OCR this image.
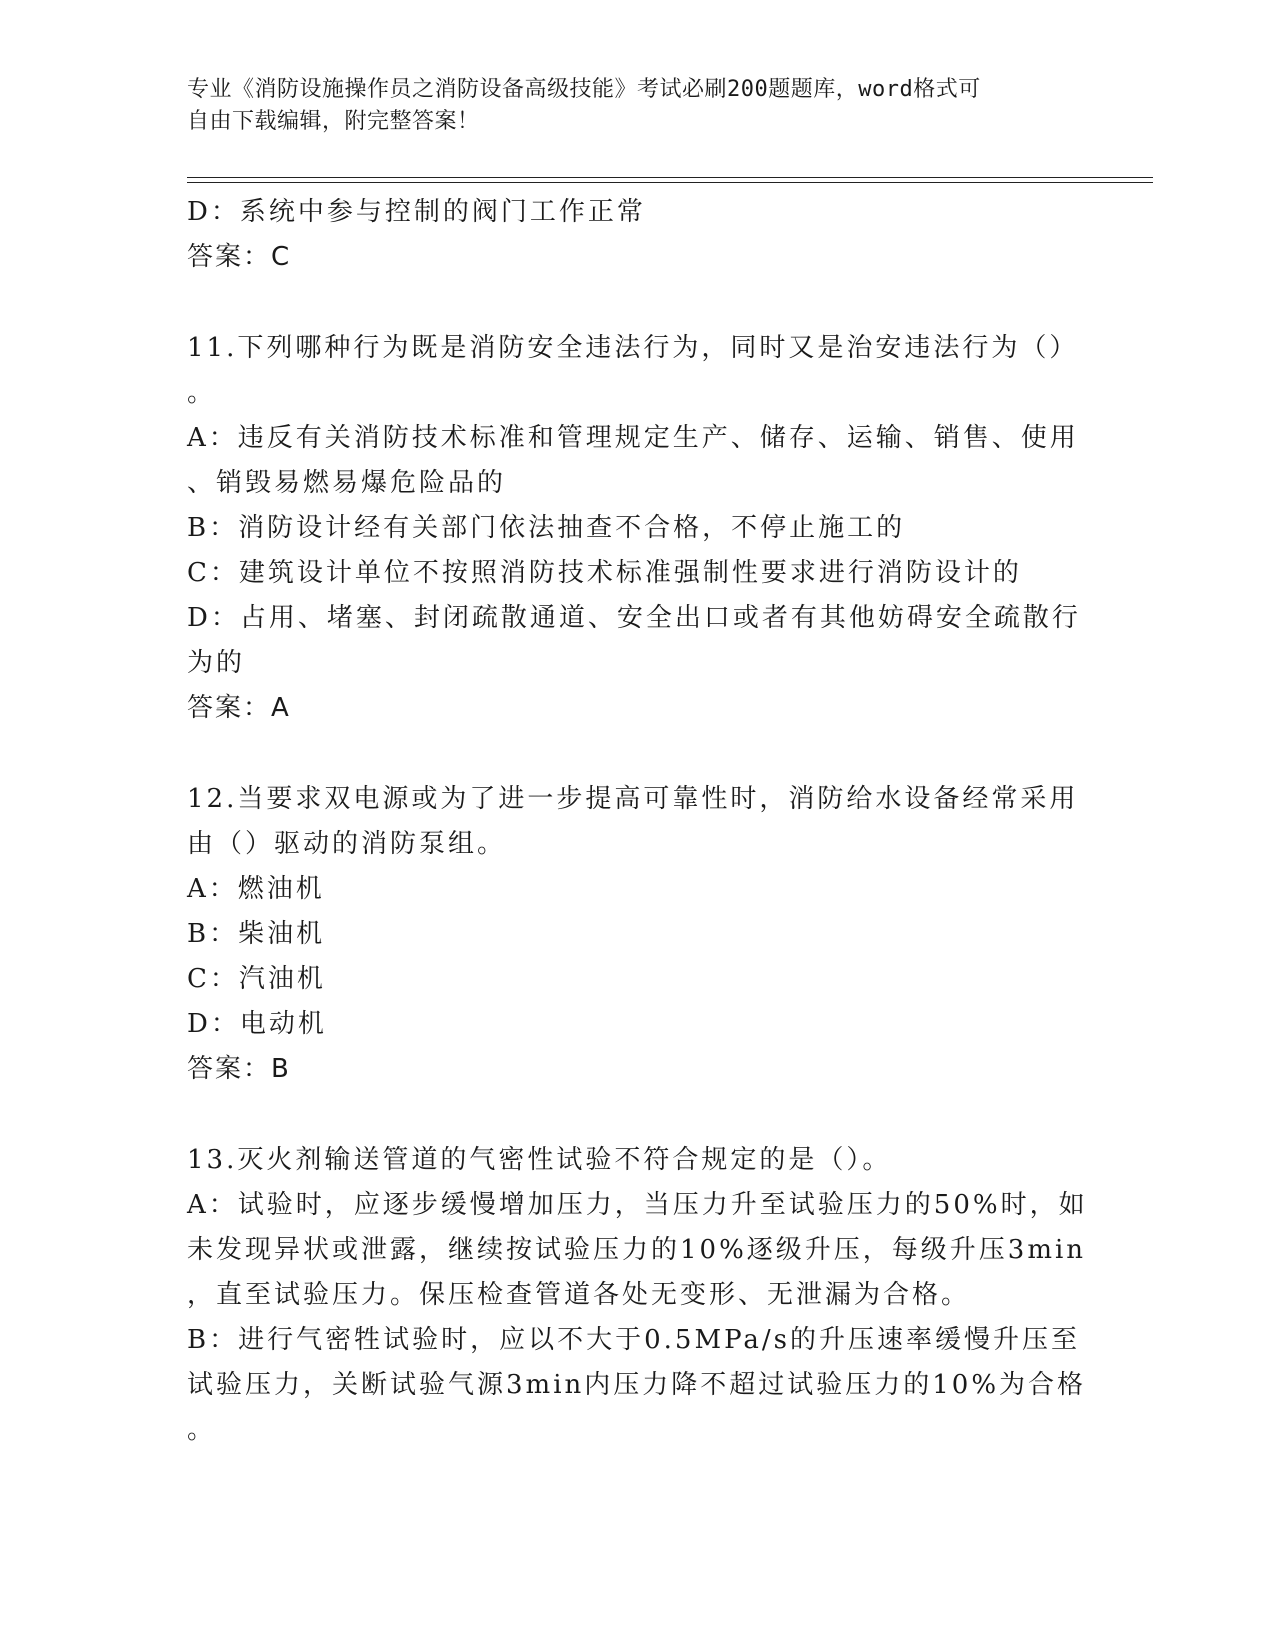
专业《消防设施操作员之消防设备高级技能》考试必刷200题题库，word格式可
自由下载编辑，附完整答案！
D：系统中参与控制的阀门工作正常
答案：C
11.下列哪种行为既是消防安全违法行为，同时又是治安违法行为（）
。
A：违反有关消防技术标准和管理规定生产、储存、运输、销售、使用
、销毁易燃易爆危险品的
B：消防设计经有关部门依法抽查不合格，不停止施工的
C：建筑设计单位不按照消防技术标准强制性要求进行消防设计的
D：占用、堵塞、封闭疏散通道、安全出口或者有其他妨碍安全疏散行
为的
答案：A
12.当要求双电源或为了进一步提高可靠性时，消防给水设备经常采用
由（）驱动的消防泵组。
A：燃油机
B：柴油机
C：汽油机
D：电动机
答案：B
13.灭火剂输送管道的气密性试验不符合规定的是（）。
A：试验时，应逐步缓慢增加压力，当压力升至试验压力的50%时，如
未发现异状或泄露，继续按试验压力的10%逐级升压，每级升压3min
，直至试验压力。保压检查管道各处无变形、无泄漏为合格。
B：进行气密牲试验时，应以不大于0.5MPa/s的升压速率缓慢升压至
试验压力，关断试验气源3min内压力降不超过试验压力的10%为合格
。
